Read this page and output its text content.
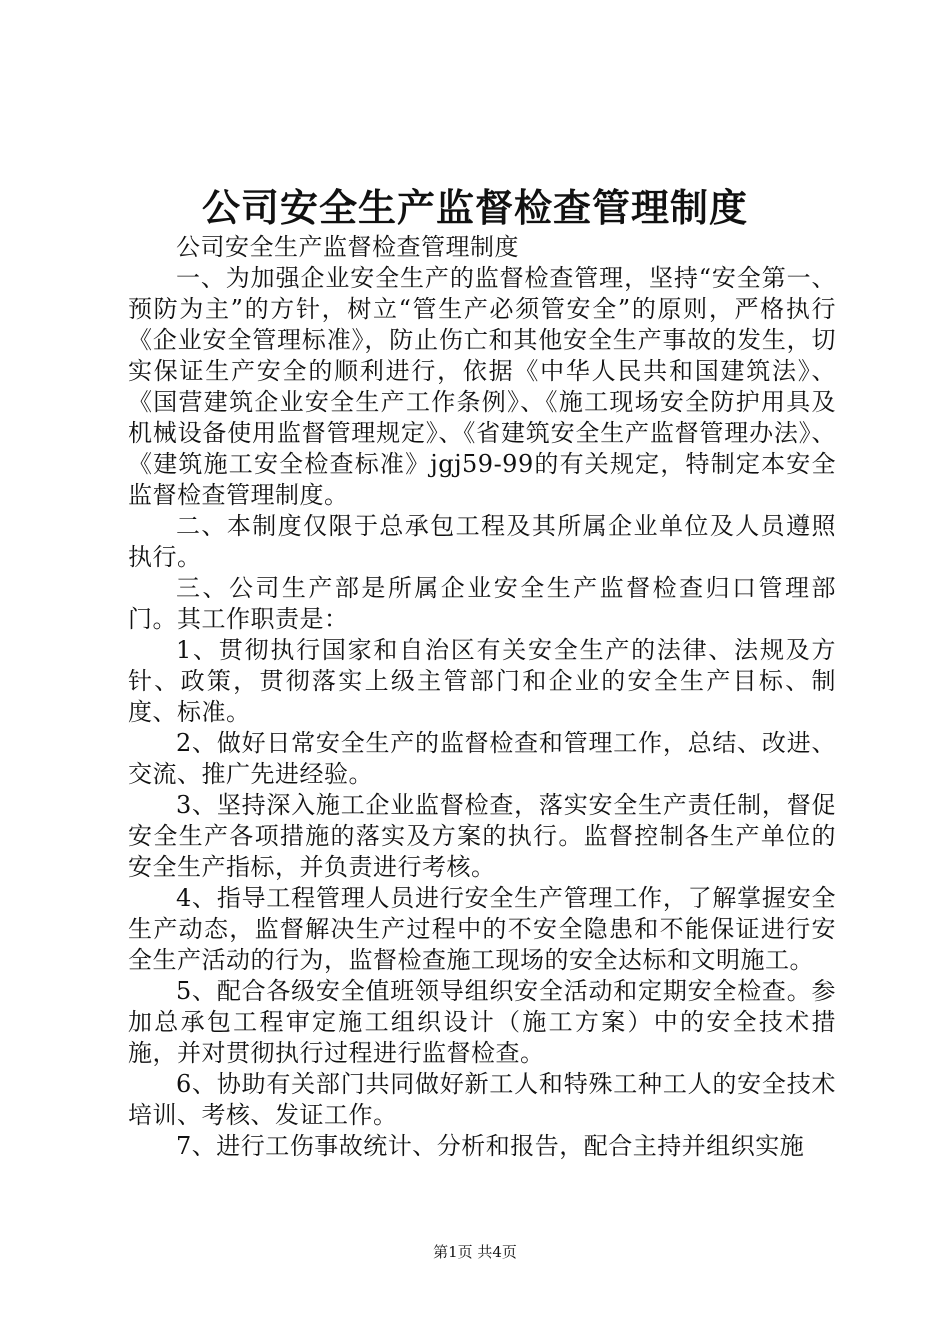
公司安全生产监督检查管理制度

公司安全生产监督检查管理制度

一、为加强企业安全生产的监督检查管理，坚持“安全第一、预防为主”的方针，树立“管生产必须管安全”的原则，严格执行《企业安全管理标准》，防止伤亡和其他安全生产事故的发生，切实保证生产安全的顺利进行，依据《中华人民共和国建筑法》、《国营建筑企业安全生产工作条例》、《施工现场安全防护用具及机械设备使用监督管理规定》、《省建筑安全生产监督管理办法》、《建筑施工安全检查标准》jgj59-99的有关规定，特制定本安全监督检查管理制度。

二、本制度仅限于总承包工程及其所属企业单位及人员遵照执行。

三、公司生产部是所属企业安全生产监督检查归口管理部门。其工作职责是：

1、贯彻执行国家和自治区有关安全生产的法律、法规及方针、政策，贯彻落实上级主管部门和企业的安全生产目标、制度、标准。

2、做好日常安全生产的监督检查和管理工作，总结、改进、交流、推广先进经验。

3、坚持深入施工企业监督检查，落实安全生产责任制，督促安全生产各项措施的落实及方案的执行。监督控制各生产单位的安全生产指标，并负责进行考核。

4、指导工程管理人员进行安全生产管理工作，了解掌握安全生产动态，监督解决生产过程中的不安全隐患和不能保证进行安全生产活动的行为，监督检查施工现场的安全达标和文明施工。

5、配合各级安全值班领导组织安全活动和定期安全检查。参加总承包工程审定施工组织设计（施工方案）中的安全技术措施，并对贯彻执行过程进行监督检查。

6、协助有关部门共同做好新工人和特殊工种工人的安全技术培训、考核、发证工作。

7、进行工伤事故统计、分析和报告，配合主持并组织实施

第1页 共4页
